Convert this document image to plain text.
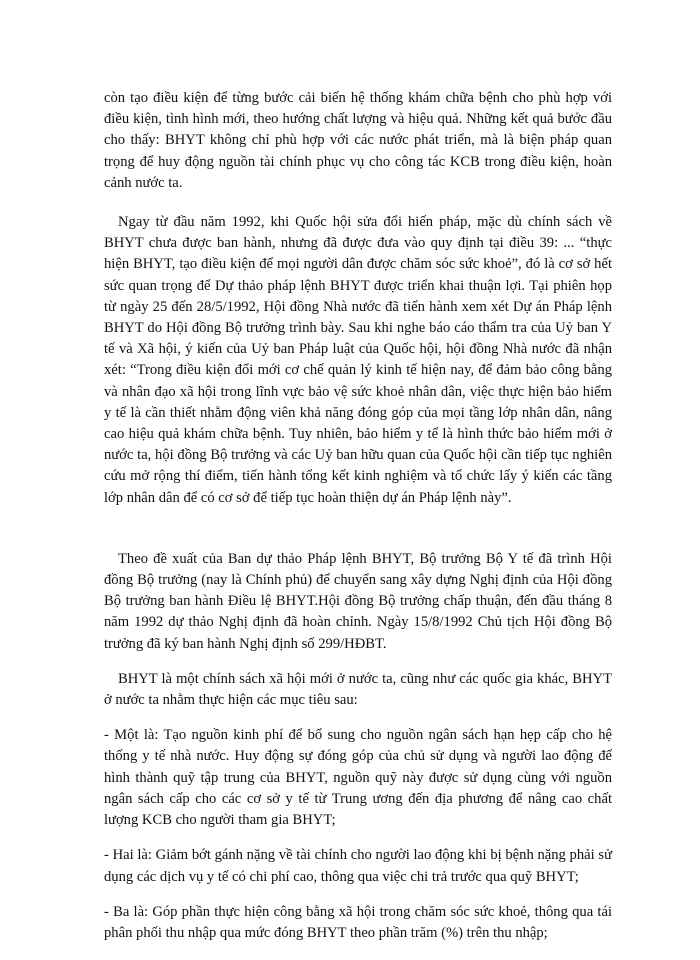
còn tạo điều kiện để từng bước cải biến hệ thống khám chữa bệnh cho phù hợp với điều kiện, tình hình mới, theo hướng chất lượng và hiệu quả. Những kết quả bước đầu cho thấy: BHYT không chỉ phù hợp với các nước phát triển, mà là biện pháp quan trọng để huy động nguồn tài chính phục vụ cho công tác KCB trong điều kiện, hoàn cảnh nước ta.

Ngay từ đầu năm 1992, khi Quốc hội sửa đổi hiến pháp, mặc dù chính sách về BHYT chưa được ban hành, nhưng đã được đưa vào quy định tại điều 39: ... “thực hiện BHYT, tạo điều kiện để mọi người dân được chăm sóc sức khoẻ”, đó là cơ sở hết sức quan trọng để Dự thảo pháp lệnh BHYT được triển khai thuận lợi. Tại phiên họp từ ngày 25 đến 28/5/1992, Hội đồng Nhà nước đã tiến hành xem xét Dự án Pháp lệnh BHYT do Hội đồng Bộ trưởng trình bày. Sau khi nghe báo cáo thẩm tra của Uỷ ban Y tế và Xã hội, ý kiến của Uỷ ban Pháp luật của Quốc hội, hội đồng Nhà nước đã nhận xét: “Trong điều kiện đổi mới cơ chế quản lý kinh tế hiện nay, để đảm bảo công bằng và nhân đạo xã hội trong lĩnh vực bảo vệ sức khoẻ nhân dân, việc thực hiện bảo hiểm y tế là cần thiết nhằm động viên khả năng đóng góp của mọi tầng lớp nhân dân, nâng cao hiệu quả khám chữa bệnh. Tuy nhiên, bảo hiểm y tế là hình thức bảo hiểm mới ở nước ta, hội đồng Bộ trưởng và các Uỷ ban hữu quan của Quốc hội cần tiếp tục nghiên cứu mở rộng thí điểm, tiến hành tổng kết kinh nghiệm và tổ chức lấy ý kiến các tầng lớp nhân dân để có cơ sở để tiếp tục hoàn thiện dự án Pháp lệnh này”.

Theo đề xuất của Ban dự thảo Pháp lệnh BHYT, Bộ trưởng Bộ Y tế đã trình Hội đồng Bộ trưởng (nay là Chính phủ) để chuyển sang xây dựng Nghị định của Hội đồng Bộ trưởng ban hành Điều lệ BHYT.Hội đồng Bộ trưởng chấp thuận, đến đầu tháng 8 năm 1992 dự thảo Nghị định đã hoàn chỉnh. Ngày 15/8/1992 Chủ tịch Hội đồng Bộ trưởng đã ký ban hành Nghị định số 299/HĐBT.

BHYT là một chính sách xã hội mới ở nước ta, cũng như các quốc gia khác, BHYT ở nước ta nhằm thực hiện các mục tiêu sau:

- Một là: Tạo nguồn kinh phí để bổ sung cho nguồn ngân sách hạn hẹp cấp cho hệ thống y tế nhà nước. Huy động sự đóng góp của chủ sử dụng và người lao động để hình thành quỹ tập trung của BHYT, nguồn quỹ này được sử dụng cùng với nguồn ngân sách cấp cho các cơ sở y tế từ Trung ương đến địa phương để nâng cao chất lượng KCB cho người tham gia BHYT;

- Hai là: Giảm bớt gánh nặng về tài chính cho người lao động khi bị bệnh nặng phải sử dụng các dịch vụ y tế có chi phí cao, thông qua việc chi trả trước qua quỹ BHYT;

- Ba là: Góp phần thực hiện công bằng xã hội trong chăm sóc sức khoẻ, thông qua tái phân phối thu nhập qua mức đóng BHYT theo phần trăm (%) trên thu nhập;
